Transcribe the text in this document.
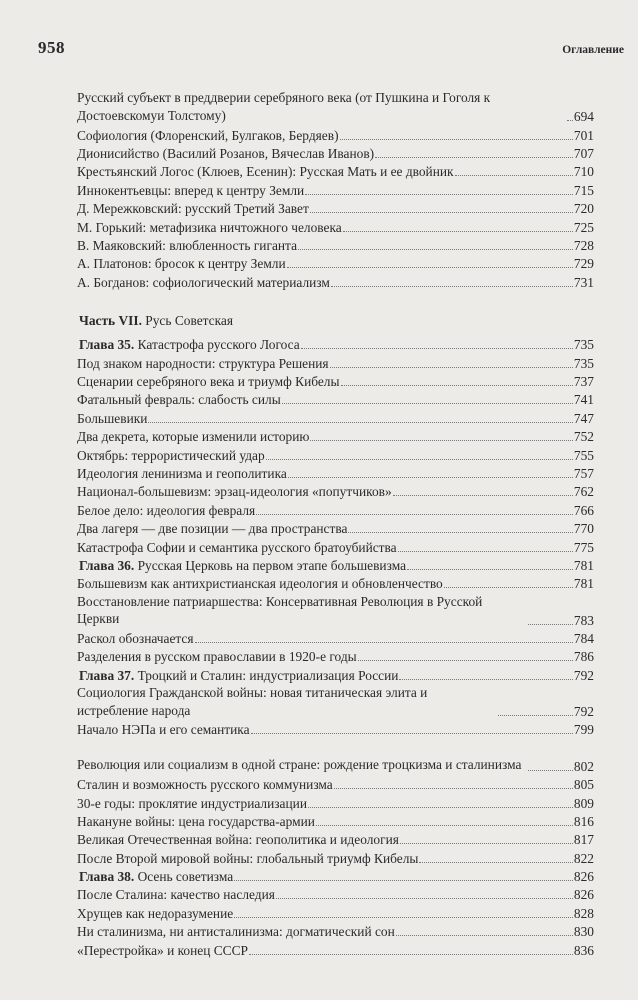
958	Оглавление
Русский субъект в преддверии серебряного века (от Пушкина и Гоголя к Достоевскомуи Толстому)	694
Софиология (Флоренский, Булгаков, Бердяев)	701
Дионисийство (Василий Розанов, Вячеслав Иванов)	707
Крестьянский Логос (Клюев, Есенин): Русская Мать и ее двойник	710
Иннокентьевцы: вперед к центру Земли	715
Д. Мережковский: русский Третий Завет	720
М. Горький: метафизика ничтожного человека	725
В. Маяковский: влюбленность гиганта	728
А. Платонов: бросок к центру Земли	729
А. Богданов: софиологический материализм	731
Часть VII. Русь Советская
Глава 35. Катастрофа русского Логоса	735
Под знаком народности: структура Решения	735
Сценарии серебряного века и триумф Кибелы	737
Фатальный февраль: слабость силы	741
Большевики	747
Два декрета, которые изменили историю	752
Октябрь: террористический удар	755
Идеология ленинизма и геополитика	757
Национал-большевизм: эрзац-идеология «попутчиков»	762
Белое дело: идеология февраля	766
Два лагеря — две позиции — два пространства	770
Катастрофа Софии и семантика русского братоубийства	775
Глава 36. Русская Церковь на первом этапе большевизма	781
Большевизм как антихристианская идеология и обновленчество	781
Восстановление патриаршества: Консервативная Революция в Русской Церкви	783
Раскол обозначается	784
Разделения в русском православии в 1920-е годы	786
Глава 37. Троцкий и Сталин: индустриализация России	792
Социология Гражданской войны: новая титаническая элита и истребление народа	792
Начало НЭПа и его семантика	799
Революция или социализм в одной стране: рождение троцкизма и сталинизма	802
Сталин и возможность русского коммунизма	805
30-е годы: проклятие индустриализации	809
Накануне войны: цена государства-армии	816
Великая Отечественная война: геополитика и идеология	817
После Второй мировой войны: глобальный триумф Кибелы	822
Глава 38. Осень советизма	826
После Сталина: качество наследия	826
Хрущев как недоразумение	828
Ни сталинизма, ни антисталинизма: догматический сон	830
«Перестройка» и конец СССР	836
